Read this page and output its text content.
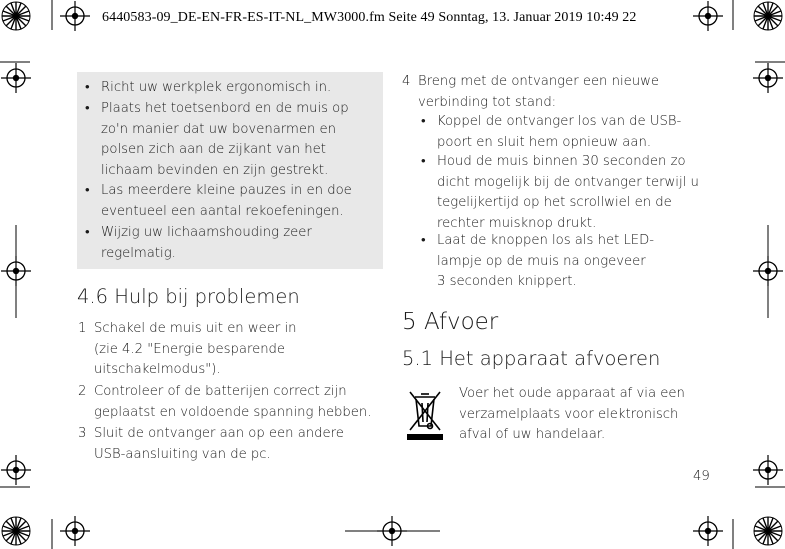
6440583-09_DE-EN-FR-ES-IT-NL_MW3000.fm Seite 49 Sonntag, 13. Januar 2019 10:49 22
• Richt uw werkplek ergonomisch in.
• Plaats het toetsenbord en de muis op
zo'n manier dat uw bovenarmen en
polsen zich aan de zijkant van het
lichaam bevinden en zijn gestrekt.
• Las meerdere kleine pauzes in en doe
eventueel een aantal rekoefeningen.
• Wijzig uw lichaamshouding zeer
regelmatig.
4.6 Hulp bij problemen
1 Schakel de muis uit en weer in
(zie 4.2 "Energie besparende
uitschakelmodus").
2 Controleer of de batterijen correct zijn
geplaatst en voldoende spanning hebben.
3 Sluit de ontvanger aan op een andere
USB-aansluiting van de pc.
4 Breng met de ontvanger een nieuwe
verbinding tot stand:
• Koppel de ontvanger los van de USB-
poort en sluit hem opnieuw aan.
• Houd de muis binnen 30 seconden zo
dicht mogelijk bij de ontvanger terwijl u
tegelijkertijd op het scrollwiel en de
rechter muisknop drukt.
• Laat de knoppen los als het LED-
lampje op de muis na ongeveer
3 seconden knippert.
5 Afvoer
5.1 Het apparaat afvoeren
Voer het oude apparaat af via een
verzamelplaats voor elektronisch
afval of uw handelaar.
49
